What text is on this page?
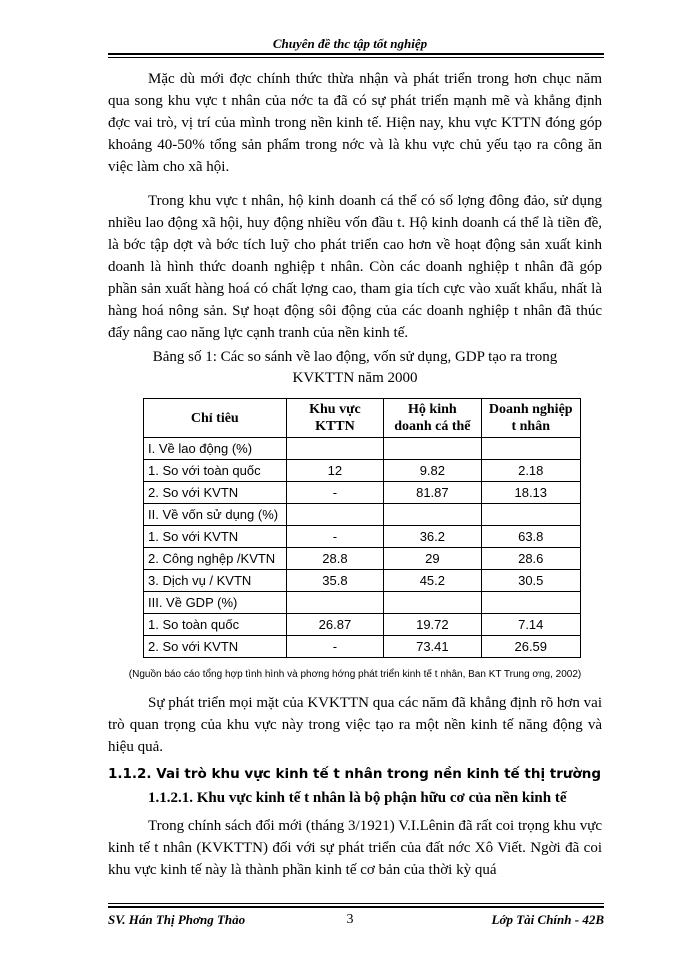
Chuyên đề thc tập tốt nghiệp

Mặc dù mới đợc chính thức thừa nhận và phát triển trong hơn chục năm qua song khu vực t nhân của nớc ta đã có sự phát triển mạnh mẽ và khẳng định đợc vai trò, vị trí của mình trong nền kinh tế. Hiện nay, khu vực KTTN đóng góp khoảng 40-50% tổng sản phẩm trong nớc và là khu vực chủ yếu tạo ra công ăn việc làm cho xã hội.

Trong khu vực t nhân, hộ kinh doanh cá thể có số lợng đông đảo, sử dụng nhiều lao động xã hội, huy động nhiều vốn đầu t. Hộ kinh doanh cá thể là tiền đề, là bớc tập dợt và bớc tích luỹ cho phát triển cao hơn về hoạt động sản xuất kinh doanh là hình thức doanh nghiệp t nhân. Còn các doanh nghiệp t nhân đã góp phần sản xuất hàng hoá có chất lợng cao, tham gia tích cực vào xuất khẩu, nhất là hàng hoá nông sản. Sự hoạt động sôi động của các doanh nghiệp t nhân đã thúc đẩy nâng cao năng lực cạnh tranh của nền kinh tế.

Bảng số 1: Các so sánh về lao động, vốn sử dụng, GDP tạo ra trong
KVKTTN năm 2000
Chỉ tiêu	Khu vực KTTN	Hộ kinh doanh cá thể	Doanh nghiệp t nhân
I. Về lao động (%)			
1. So với toàn quốc	12	9.82	2.18
2. So với KVTN	-	81.87	18.13
II. Về vốn sử dụng (%)			
1. So với KVTN	-	36.2	63.8
2. Công nghệp /KVTN	28.8	29	28.6
3. Dịch vụ / KVTN	35.8	45.2	30.5
III. Về GDP (%)			
1. So toàn quốc	26.87	19.72	7.14
2. So với KVTN	-	73.41	26.59
(Nguồn báo cáo tổng hợp tình hình và phơng hớng phát triển kinh tế t nhân, Ban KT Trung ơng, 2002)

Sự phát triển mọi mặt của KVKTTN qua các năm đã khẳng định rõ hơn vai trò quan trọng của khu vực này trong việc tạo ra một nền kinh tế năng động và hiệu quả.

1.1.2. Vai trò khu vực kinh tế t nhân trong nền kinh tế thị trường
1.1.2.1. Khu vực kinh tế t nhân là bộ phận hữu cơ của nền kinh tế

Trong chính sách đổi mới (tháng 3/1921) V.I.Lênin đã rất coi trọng khu vực kinh tế t nhân (KVKTTN) đối với sự phát triển của đất nớc Xô Viết. Ngời đã coi khu vực kinh tế này là thành phần kinh tế cơ bản của thời kỳ quá

SV. Hán Thị Phơng Thảo	3	Lớp Tài Chính - 42B
